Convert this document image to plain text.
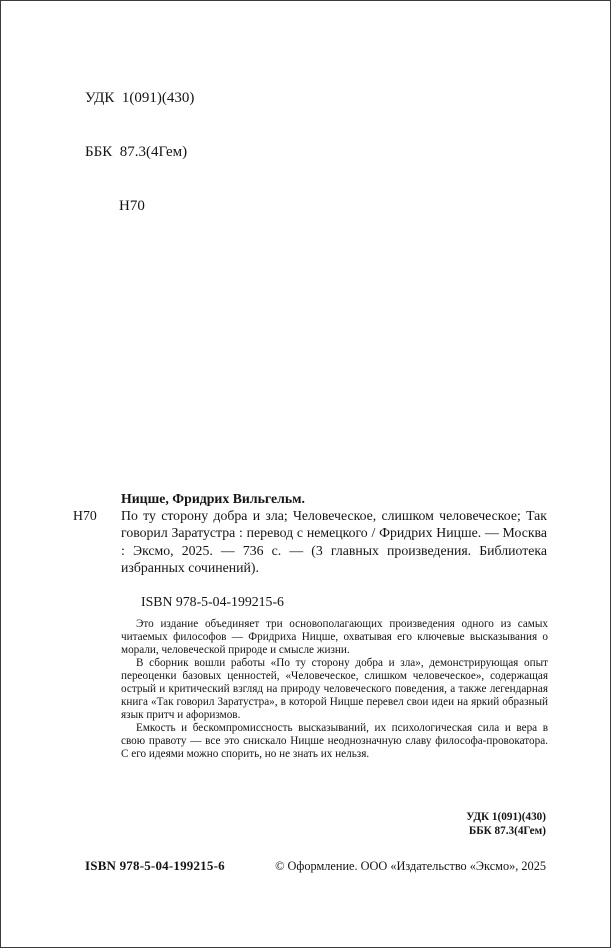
УДК  1(091)(430)

ББК  87.3(4Гем)

Н70

Ницше, Фридрих Вильгельм.
Н70 По ту сторону добра и зла; Человеческое, слишком человеческое; Так говорил Заратустра : перевод с немецкого / Фридрих Ницше. — Москва : Эксмо, 2025. — 736 с. — (3 главных произведения. Библиотека избранных сочинений).

ISBN 978-5-04-199215-6

Это издание объединяет три основополагающих произведения одного из самых читаемых философов — Фридриха Ницше, охватывая его ключевые высказывания о морали, человеческой природе и смысле жизни.

В сборник вошли работы «По ту сторону добра и зла», демонстрирующая опыт переоценки базовых ценностей, «Человеческое, слишком человеческое», содержащая острый и критический взгляд на природу человеческого поведения, а также легендарная книга «Так говорил Заратустра», в которой Ницше перевел свои идеи на яркий образный язык притч и афоризмов.

Емкость и бескомпромиссность высказываний, их психологическая сила и вера в свою правоту — все это снискало Ницше неоднозначную славу философа-провокатора. С его идеями можно спорить, но не знать их нельзя.

УДК 1(091)(430)
ББК 87.3(4Гем)
ISBN 978-5-04-199215-6	© Оформление. ООО «Издательство «Эксмо», 2025
